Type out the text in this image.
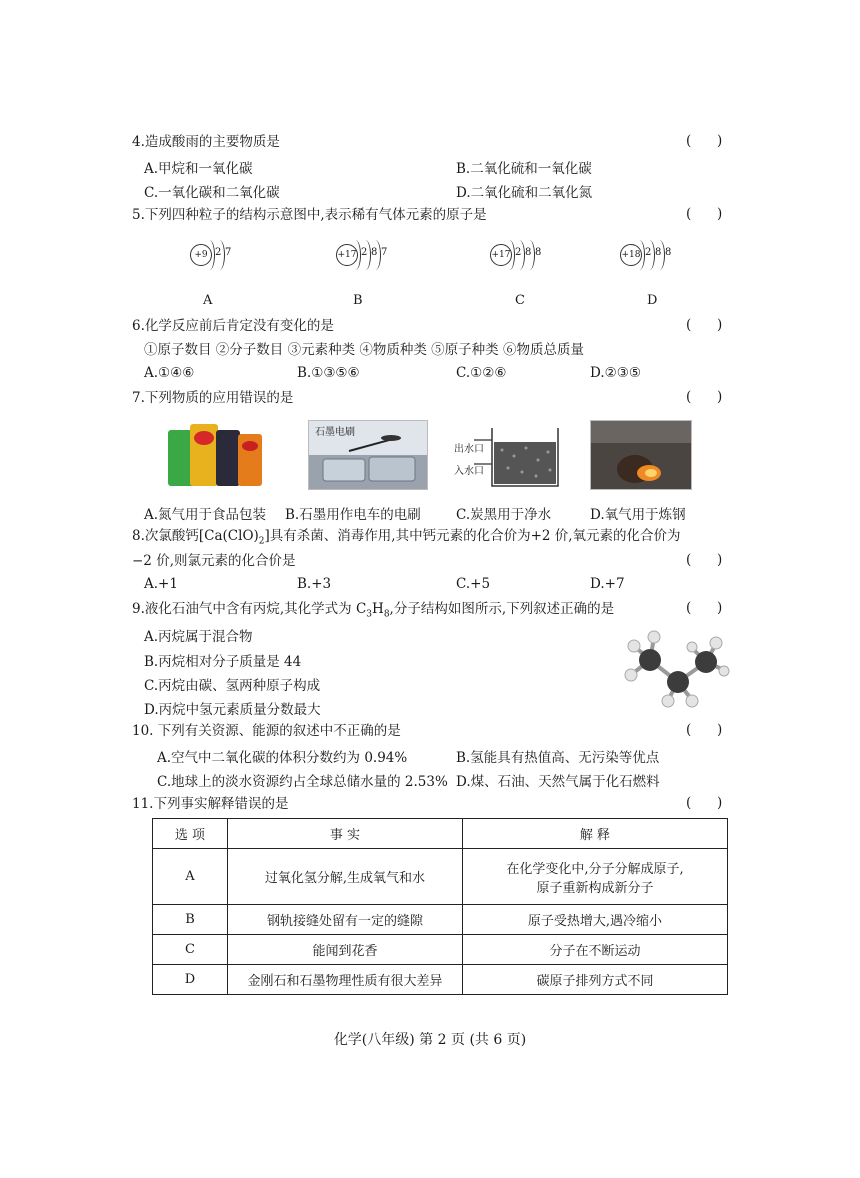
4.造成酸雨的主要物质是	(      )
A.甲烷和一氧化碳	B.二氧化硫和一氧化碳
C.一氧化碳和二氧化碳	D.二氧化硫和二氧化氮
5.下列四种粒子的结构示意图中,表示稀有气体元素的原子是	(      )
+9 2 7	+17 2 8 7	+17 2 8 8	+18 2 8 8
A	B	C	D
6.化学反应前后肯定没有变化的是	(      )
①原子数目 ②分子数目 ③元素种类 ④物质种类 ⑤原子种类 ⑥物质总质量
A.①④⑥	B.①③⑤⑥	C.①②⑥	D.②③⑤
7.下列物质的应用错误的是	(      )
石墨电刷
出水口
入水口
A.氮气用于食品包装 B.石墨用作电车的电刷	C.炭黑用于净水	D.氧气用于炼钢
8.次氯酸钙$[Ca(ClO)_2]$具有杀菌、消毒作用,其中钙元素的化合价为+2 价,氧元素的化合价为
−2 价,则氯元素的化合价是	(      )
A.+1	B.+3	C.+5	D.+7
9.液化石油气中含有丙烷,其化学式为 $C_3H_8$,分子结构如图所示,下列叙述正确的是	(      )
A.丙烷属于混合物
B.丙烷相对分子质量是 44
C.丙烷由碳、氢两种原子构成
D.丙烷中氢元素质量分数最大
10. 下列有关资源、能源的叙述中不正确的是	(      )
A.空气中二氧化碳的体积分数约为 0.94%	B.氢能具有热值高、无污染等优点
C.地球上的淡水资源约占全球总储水量的 2.53% D.煤、石油、天然气属于化石燃料
11.下列事实解释错误的是	(      )
选 项	事 实	解 释
A	过氧化氢分解,生成氧气和水	在化学变化中,分子分解成原子,
原子重新构成新分子

B	钢轨接缝处留有一定的缝隙	原子受热增大,遇冷缩小
C	能闻到花香	分子在不断运动
D	金刚石和石墨物理性质有很大差异	碳原子排列方式不同
化学(八年级) 第 2 页 (共 6 页)
